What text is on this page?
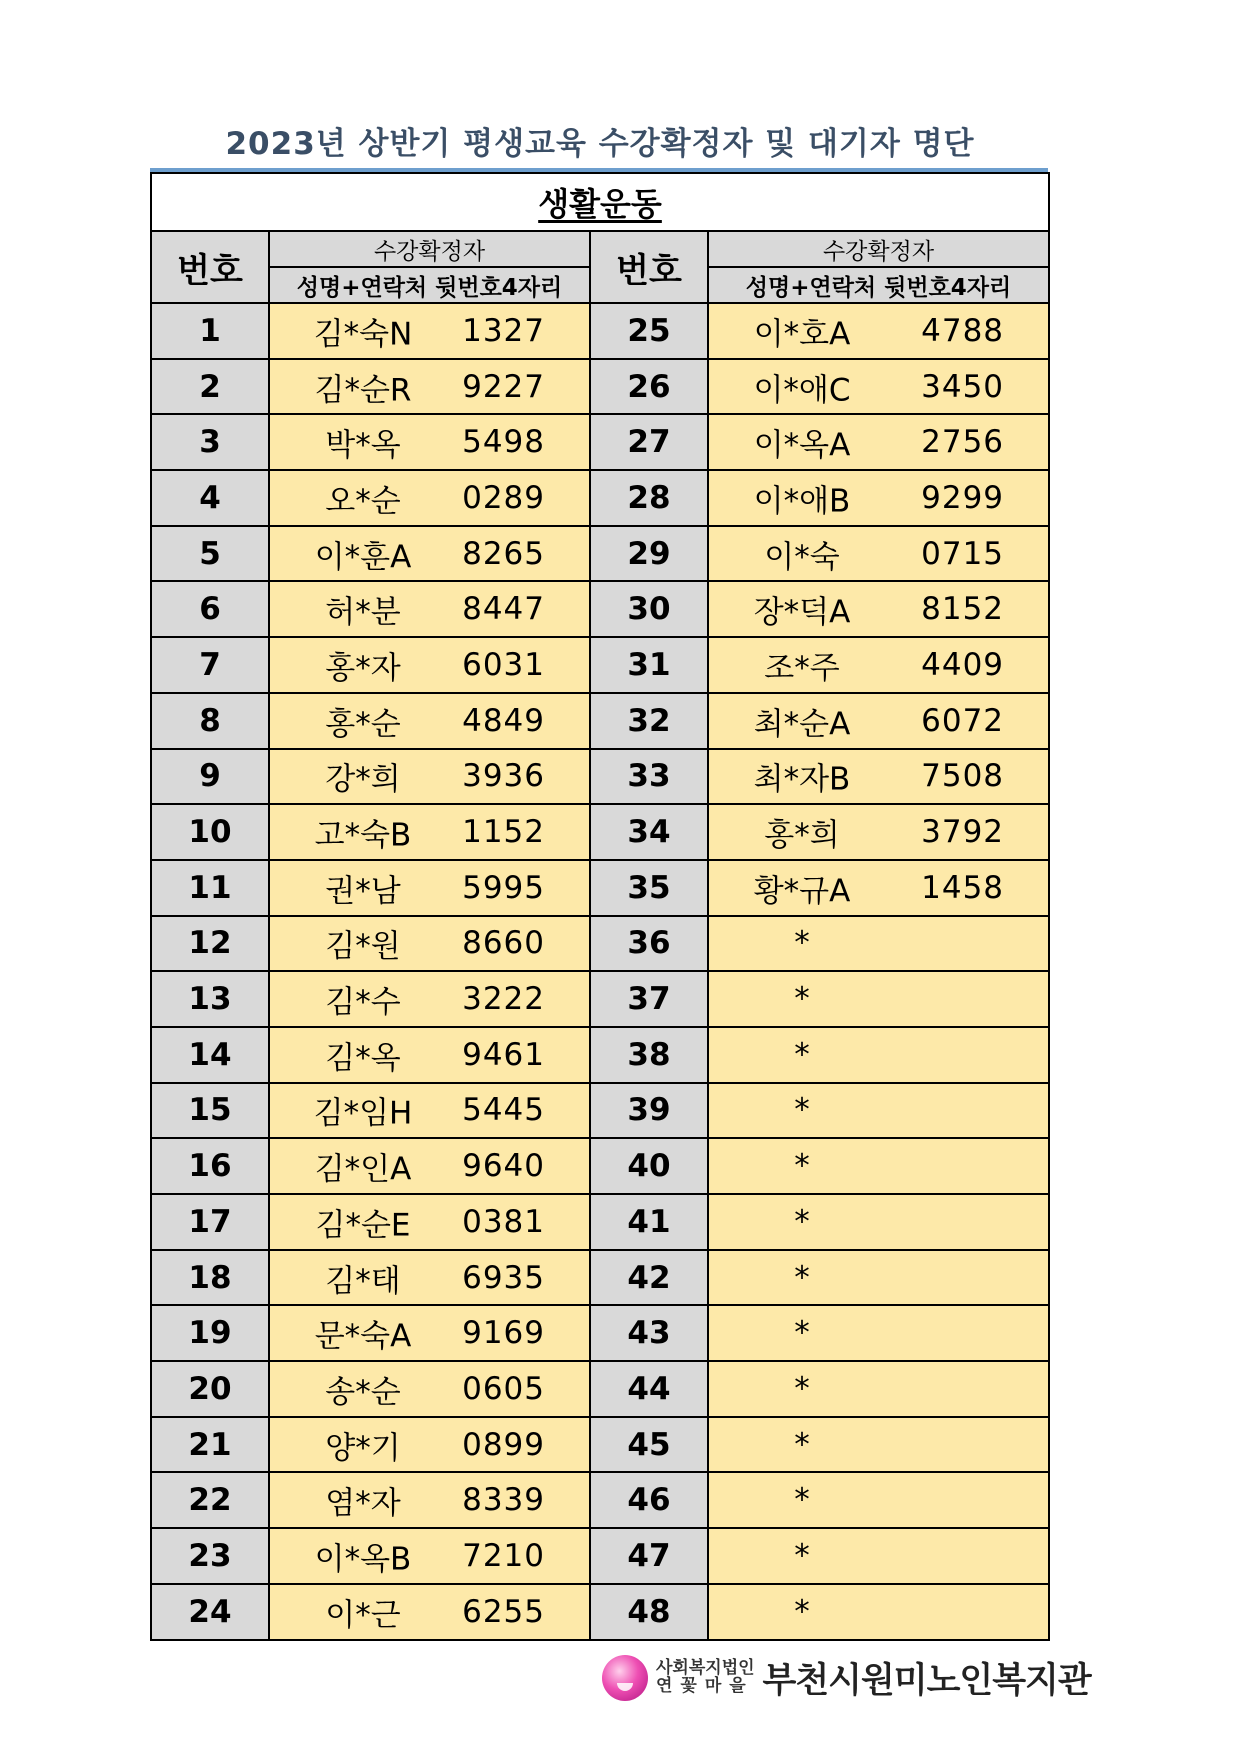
2023년 상반기 평생교육 수강확정자 및 대기자 명단
생활운동			
번호	수강확정자	번호	수강확정자
	성명+연락처 뒷번호4자리		성명+연락처 뒷번호4자리
1	김*숙N 1327	25	이*호A 4788

2	김*순R 9227	26	이*애C 3450

3	박*옥 5498	27	이*옥A 2756

4	오*순 0289	28	이*애B 9299

5	이*훈A 8265	29	이*숙 0715

6	허*분 8447	30	장*덕A 8152

7	홍*자 6031	31	조*주 4409

8	홍*순 4849	32	최*순A 6072

9	강*희 3936	33	최*자B 7508

10	고*숙B 1152	34	홍*희 3792

11	권*남 5995	35	황*규A 1458

12	김*원 8660	36	*

13	김*수 3222	37	*

14	김*옥 9461	38	*

15	김*임H 5445	39	*

16	김*인A 9640	40	*

17	김*순E 0381	41	*

18	김*태 6935	42	*

19	문*숙A 9169	43	*

20	송*순 0605	44	*

21	양*기 0899	45	*

22	염*자 8339	46	*

23	이*옥B 7210	47	*

24	이*근 6255	48	*
사회복지법인
연꽃마을 부천시원미노인복지관
